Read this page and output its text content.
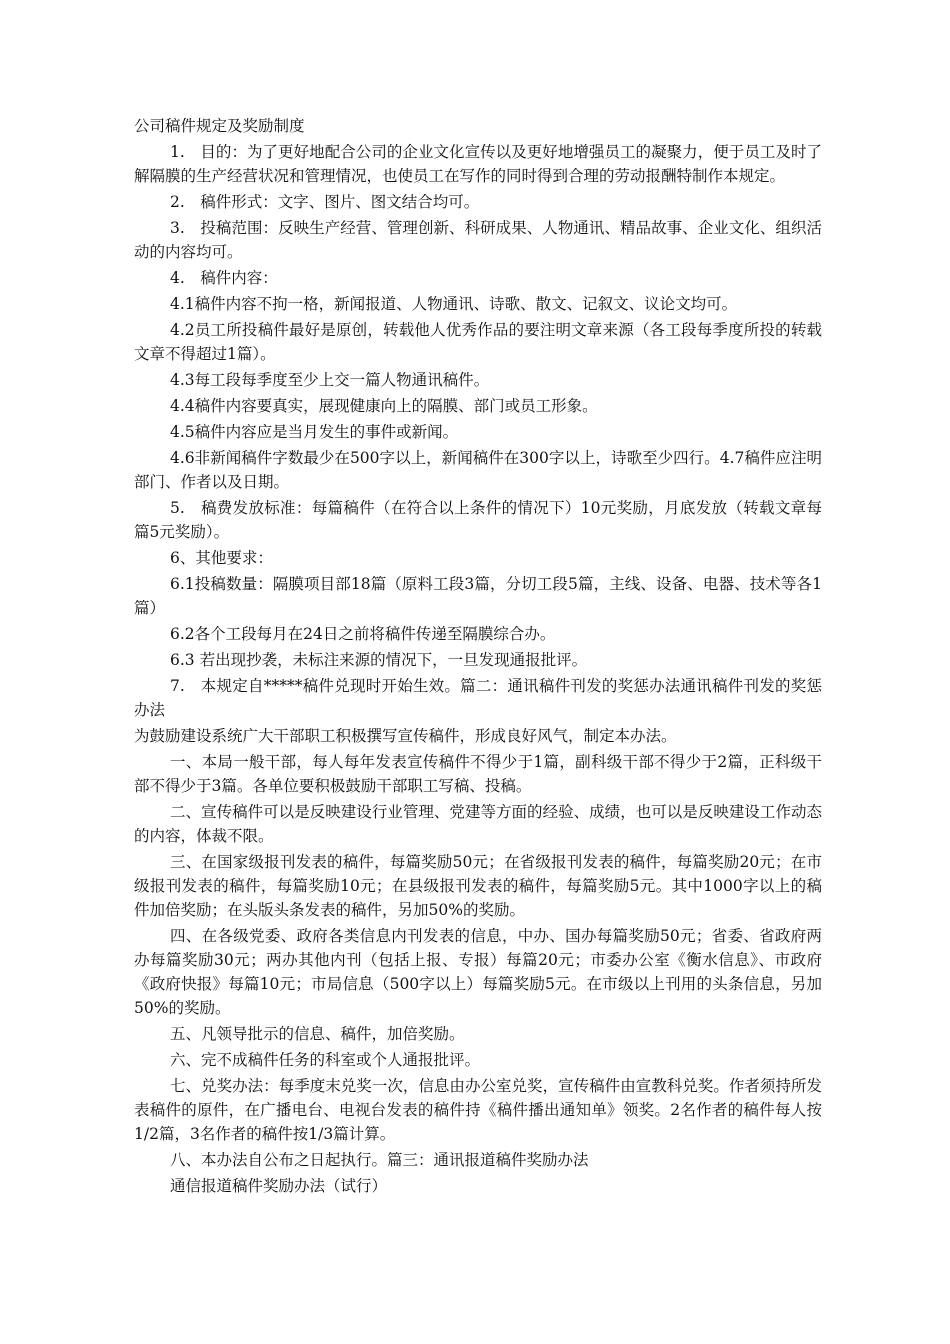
公司稿件规定及奖励制度

1.　目的：为了更好地配合公司的企业文化宣传以及更好地增强员工的凝聚力，便于员工及时了解隔膜的生产经营状况和管理情况，也使员工在写作的同时得到合理的劳动报酬特制作本规定。

2.　稿件形式：文字、图片、图文结合均可。

3.　投稿范围：反映生产经营、管理创新、科研成果、人物通讯、精品故事、企业文化、组织活动的内容均可。

4.　稿件内容：

4.1稿件内容不拘一格，新闻报道、人物通讯、诗歌、散文、记叙文、议论文均可。

4.2员工所投稿件最好是原创，转载他人优秀作品的要注明文章来源（各工段每季度所投的转载文章不得超过1篇）。

4.3每工段每季度至少上交一篇人物通讯稿件。

4.4稿件内容要真实，展现健康向上的隔膜、部门或员工形象。

4.5稿件内容应是当月发生的事件或新闻。

4.6非新闻稿件字数最少在500字以上，新闻稿件在300字以上，诗歌至少四行。4.7稿件应注明部门、作者以及日期。

5.　稿费发放标准：每篇稿件（在符合以上条件的情况下）10元奖励，月底发放（转载文章每篇5元奖励）。

6、其他要求：

6.1投稿数量：隔膜项目部18篇（原料工段3篇，分切工段5篇，主线、设备、电器、技术等各1篇）

6.2各个工段每月在24日之前将稿件传递至隔膜综合办。

6.3 若出现抄袭，未标注来源的情况下，一旦发现通报批评。

7.　本规定自*****稿件兑现时开始生效。篇二：通讯稿件刊发的奖惩办法通讯稿件刊发的奖惩办法

为鼓励建设系统广大干部职工积极撰写宣传稿件，形成良好风气，制定本办法。

一、本局一般干部，每人每年发表宣传稿件不得少于1篇，副科级干部不得少于2篇，正科级干部不得少于3篇。各单位要积极鼓励干部职工写稿、投稿。

二、宣传稿件可以是反映建设行业管理、党建等方面的经验、成绩，也可以是反映建设工作动态的内容，体裁不限。

三、在国家级报刊发表的稿件，每篇奖励50元；在省级报刊发表的稿件，每篇奖励20元；在市级报刊发表的稿件，每篇奖励10元；在县级报刊发表的稿件，每篇奖励5元。其中1000字以上的稿件加倍奖励；在头版头条发表的稿件，另加50%的奖励。

四、在各级党委、政府各类信息内刊发表的信息，中办、国办每篇奖励50元；省委、省政府两办每篇奖励30元；两办其他内刊（包括上报、专报）每篇20元；市委办公室《衡水信息》、市政府《政府快报》每篇10元；市局信息（500字以上）每篇奖励5元。在市级以上刊用的头条信息，另加50%的奖励。

五、凡领导批示的信息、稿件，加倍奖励。

六、完不成稿件任务的科室或个人通报批评。

七、兑奖办法：每季度末兑奖一次，信息由办公室兑奖，宣传稿件由宣教科兑奖。作者须持所发表稿件的原件，在广播电台、电视台发表的稿件持《稿件播出通知单》领奖。2名作者的稿件每人按1/2篇，3名作者的稿件按1/3篇计算。

八、本办法自公布之日起执行。篇三：通讯报道稿件奖励办法

通信报道稿件奖励办法（试行）
